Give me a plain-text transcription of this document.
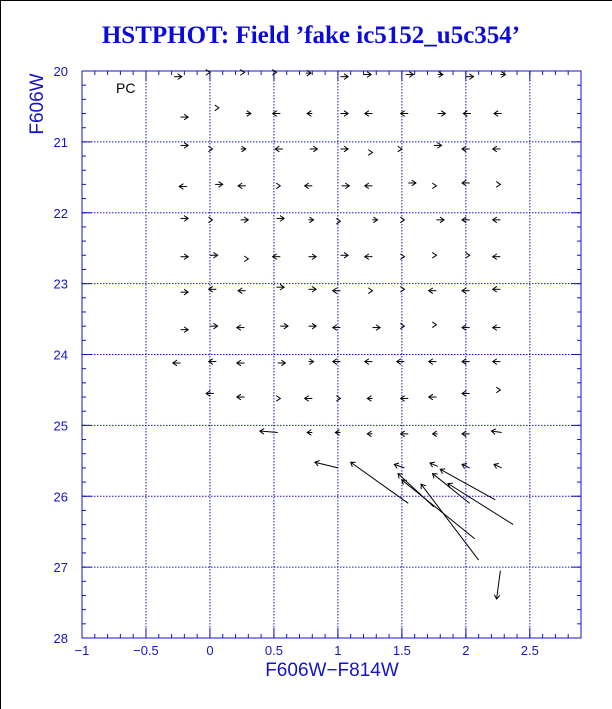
HSTPHOT: Field ’fake ic5152_u5c354’
−1	−0.5	0	0.5	1	1.5	2	2.5
20
21
22
23
24
25
26
27
28
PC
F606W−F814W
F606W
